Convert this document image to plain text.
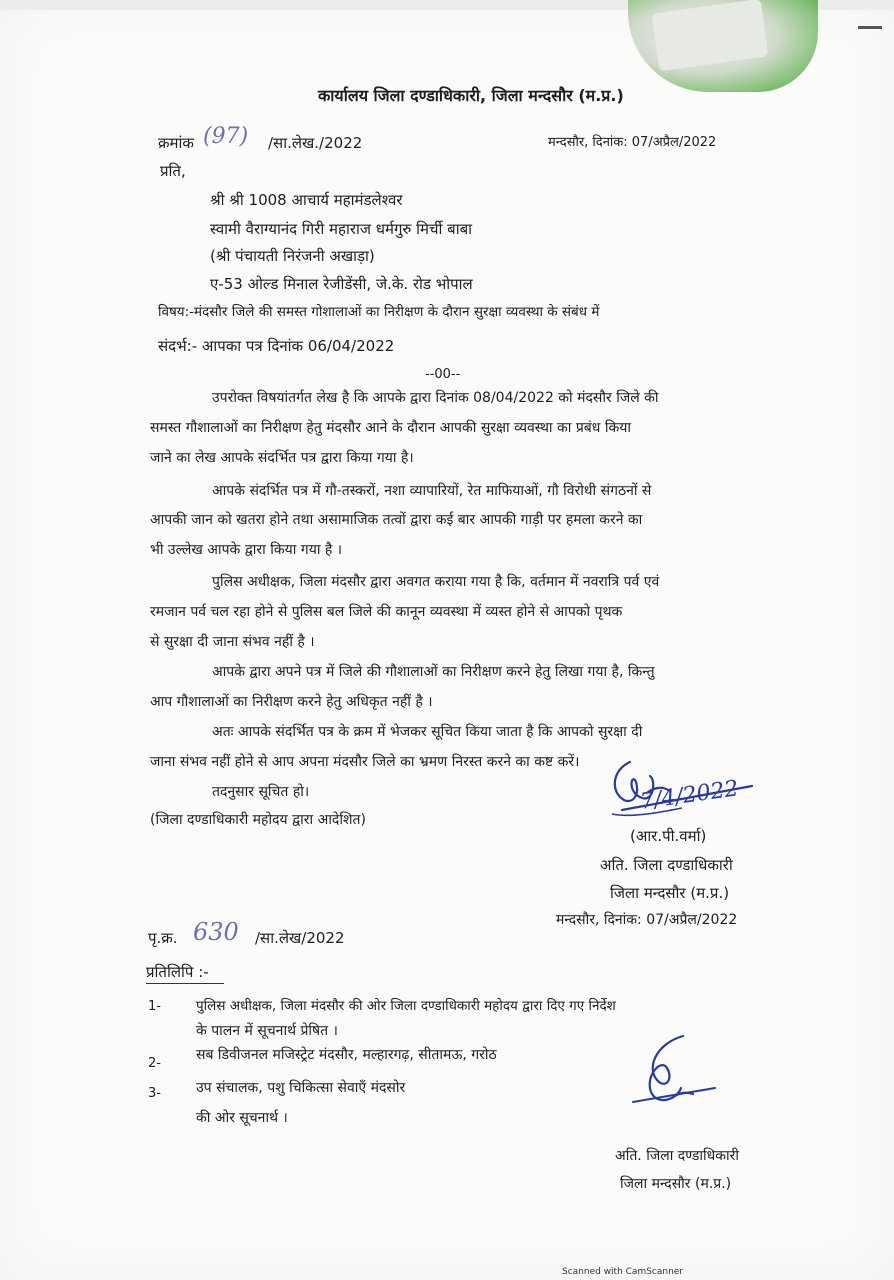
कार्यालय जिला दण्डाधिकारी, जिला मन्दसौर (म.प्र.)
क्रमांक (97) /सा.लेख./2022	मन्दसौर, दिनांक: 07/अप्रैल/2022
प्रति,
श्री श्री 1008 आचार्य महामंडलेश्वर
स्वामी वैराग्यानंद गिरी महाराज धर्मगुरु मिर्ची बाबा
(श्री पंचायती निरंजनी अखाड़ा)
ए-53 ओल्ड मिनाल रेजीडेंसी, जे.के. रोड भोपाल
विषय:-मंदसौर जिले की समस्त गोशालाओं का निरीक्षण के दौरान सुरक्षा व्यवस्था के संबंध में
संदर्भ:- आपका पत्र दिनांक 06/04/2022
--00--
उपरोक्त विषयांतर्गत लेख है कि आपके द्वारा दिनांक 08/04/2022 को मंदसौर जिले की
समस्त गौशालाओं का निरीक्षण हेतु मंदसौर आने के दौरान आपकी सुरक्षा व्यवस्था का प्रबंध किया
जाने का लेख आपके संदर्भित पत्र द्वारा किया गया है।
आपके संदर्भित पत्र में गौ-तस्करों, नशा व्यापारियों, रेत माफियाओं, गौ विरोधी संगठनों से
आपकी जान को खतरा होने तथा असामाजिक तत्वों द्वारा कई बार आपकी गाड़ी पर हमला करने का
भी उल्लेख आपके द्वारा किया गया है ।
पुलिस अधीक्षक, जिला मंदसौर द्वारा अवगत कराया गया है कि, वर्तमान में नवरात्रि पर्व एवं
रमजान पर्व चल रहा होने से पुलिस बल जिले की कानून व्यवस्था में व्यस्त होने से आपको पृथक
से सुरक्षा दी जाना संभव नहीं है ।
आपके द्वारा अपने पत्र में जिले की गौशालाओं का निरीक्षण करने हेतु लिखा गया है, किन्तु
आप गौशालाओं का निरीक्षण करने हेतु अधिकृत नहीं है ।
अतः आपके संदर्भित पत्र के क्रम में भेजकर सूचित किया जाता है कि आपको सुरक्षा दी
जाना संभव नहीं होने से आप अपना मंदसौर जिले का भ्रमण निरस्त करने का कष्ट करें।
तदनुसार सूचित हो।
(जिला दण्डाधिकारी महोदय द्वारा आदेशित)
7/4/2022
(आर.पी.वर्मा)
अति. जिला दण्डाधिकारी
जिला मन्दसौर (म.प्र.)
मन्दसौर, दिनांक: 07/अप्रैल/2022
पृ.क्र. 630 /सा.लेख/2022
प्रतिलिपि :-
1-	पुलिस अधीक्षक, जिला मंदसौर की ओर जिला दण्डाधिकारी महोदय द्वारा दिए गए निर्देश
के पालन में सूचनार्थ प्रेषित ।
2-
सब डिवीजनल मजिस्ट्रेट मंदसौर, मल्हारगढ़, सीतामऊ, गरोठ
3-	उप संचालक, पशु चिकित्सा सेवाएँ मंदसोर
की ओर सूचनार्थ ।
अति. जिला दण्डाधिकारी
जिला मन्दसौर (म.प्र.)
Scanned with CamScanner
